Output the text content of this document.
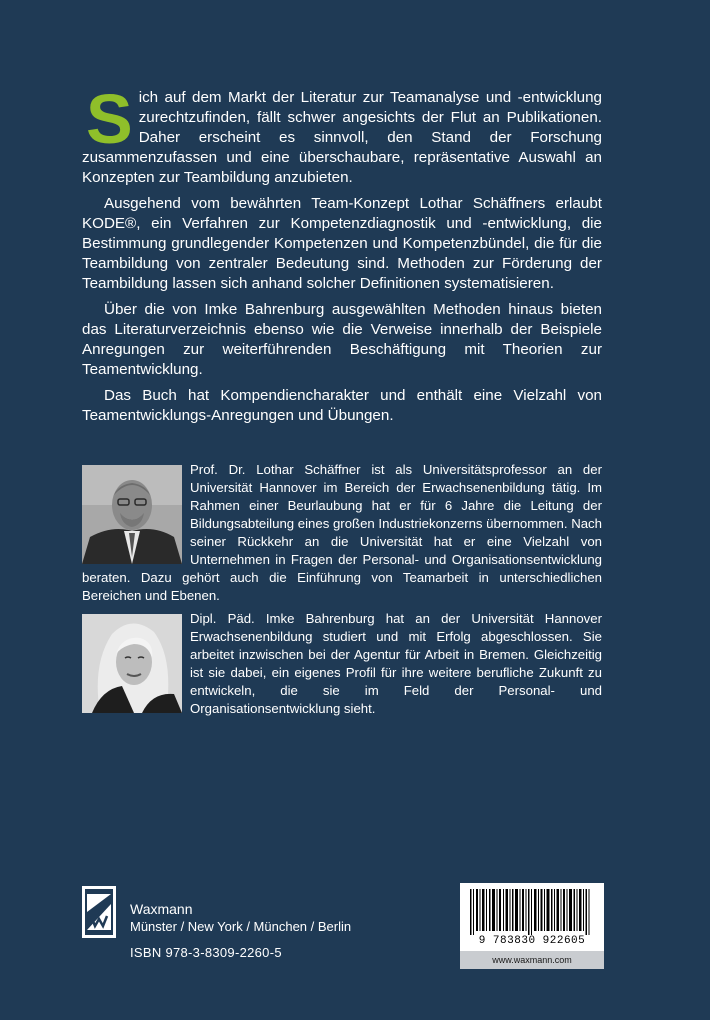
Sich auf dem Markt der Literatur zur Teamanalyse und -entwicklung zurechtzufinden, fällt schwer angesichts der Flut an Publikationen. Daher erscheint es sinnvoll, den Stand der Forschung zusammenzufassen und eine überschaubare, repräsentative Auswahl an Konzepten zur Teambildung anzubieten.

Ausgehend vom bewährten Team-Konzept Lothar Schäffners erlaubt KODE®, ein Verfahren zur Kompetenzdiagnostik und -entwicklung, die Bestimmung grundlegender Kompetenzen und Kompetenzbündel, die für die Teambildung von zentraler Bedeutung sind. Methoden zur Förderung der Teambildung lassen sich anhand solcher Definitionen systematisieren.

Über die von Imke Bahrenburg ausgewählten Methoden hinaus bieten das Literaturverzeichnis ebenso wie die Verweise innerhalb der Beispiele Anregungen zur weiterführenden Beschäftigung mit Theorien zur Teamentwicklung.

Das Buch hat Kompendiencharakter und enthält eine Vielzahl von Teamentwicklungs-Anregungen und Übungen.

Prof. Dr. Lothar Schäffner ist als Universitätsprofessor an der Universität Hannover im Bereich der Erwachsenenbildung tätig. Im Rahmen einer Beurlaubung hat er für 6 Jahre die Leitung der Bildungsabteilung eines großen Industriekonzerns übernommen. Nach seiner Rückkehr an die Universität hat er eine Vielzahl von Unternehmen in Fragen der Personal- und Organisationsentwicklung beraten. Dazu gehört auch die Einführung von Teamarbeit in unterschiedlichen Bereichen und Ebenen.
Dipl. Päd. Imke Bahrenburg hat an der Universität Hannover Erwachsenenbildung studiert und mit Erfolg abgeschlossen. Sie arbeitet inzwischen bei der Agentur für Arbeit in Bremen. Gleichzeitig ist sie dabei, ein eigenes Profil für ihre weitere berufliche Zukunft zu entwickeln, die sie im Feld der Personal- und Organisationsentwicklung sieht.
Waxmann
Münster / New York / München / Berlin
ISBN 978-3-8309-2260-5
9 783830 922605
www.waxmann.com
